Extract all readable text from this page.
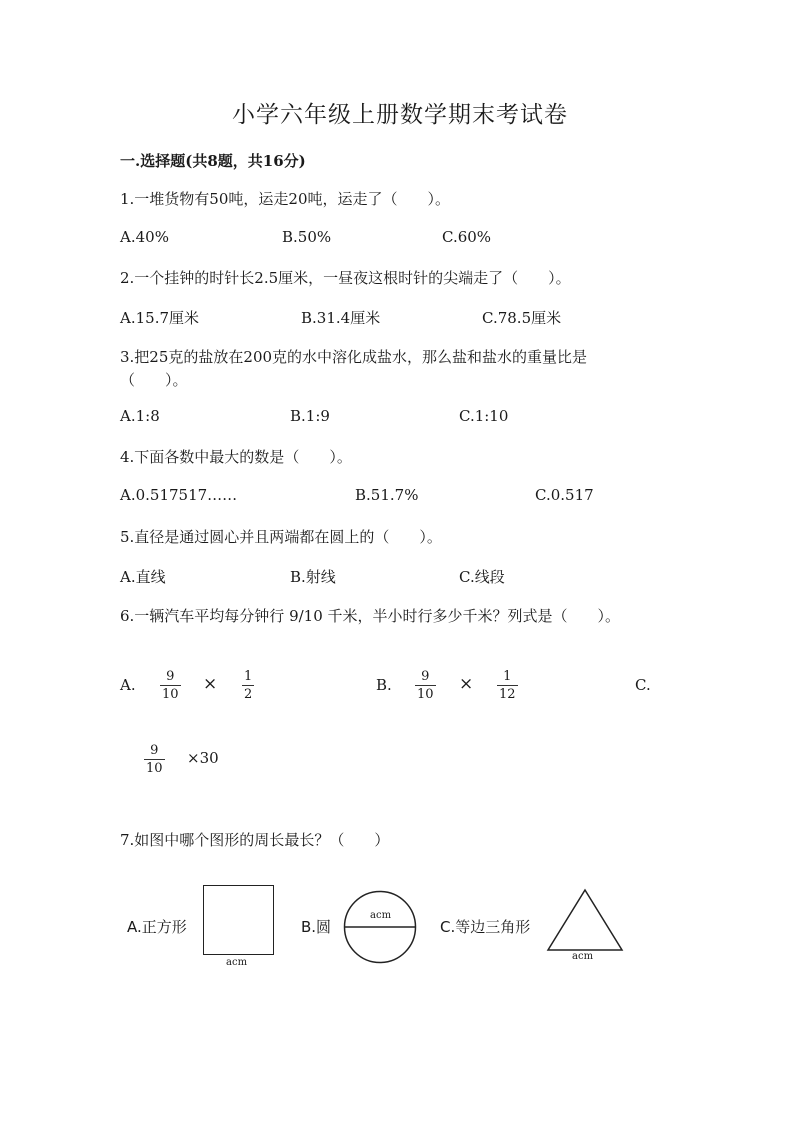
小学六年级上册数学期末考试卷
一.选择题(共8题，共16分)
1.一堆货物有50吨，运走20吨，运走了（　　）。
A.40%	B.50%	C.60%
2.一个挂钟的时针长2.5厘米，一昼夜这根时针的尖端走了（　　）。
A.15.7厘米	B.31.4厘米	C.78.5厘米
3.把25克的盐放在200克的水中溶化成盐水，那么盐和盐水的重量比是
（　　）。
A.1:8	B.1:9	C.1:10
4.下面各数中最大的数是（　　）。
A.0.517517……	B.51.7%	C.0.517
5.直径是通过圆心并且两端都在圆上的（　　）。
A.直线	B.射线	C.线段
6.一辆汽车平均每分钟行 9/10 千米，半小时行多少千米？列式是（　　）。
A. 9
10
× 1
2
B. 9
10
× 1
12
C.
9
10
×30
7.如图中哪个图形的周长最长？（　　）
A.正方形
acm
B.圆
acm
C.等边三角形
acm
